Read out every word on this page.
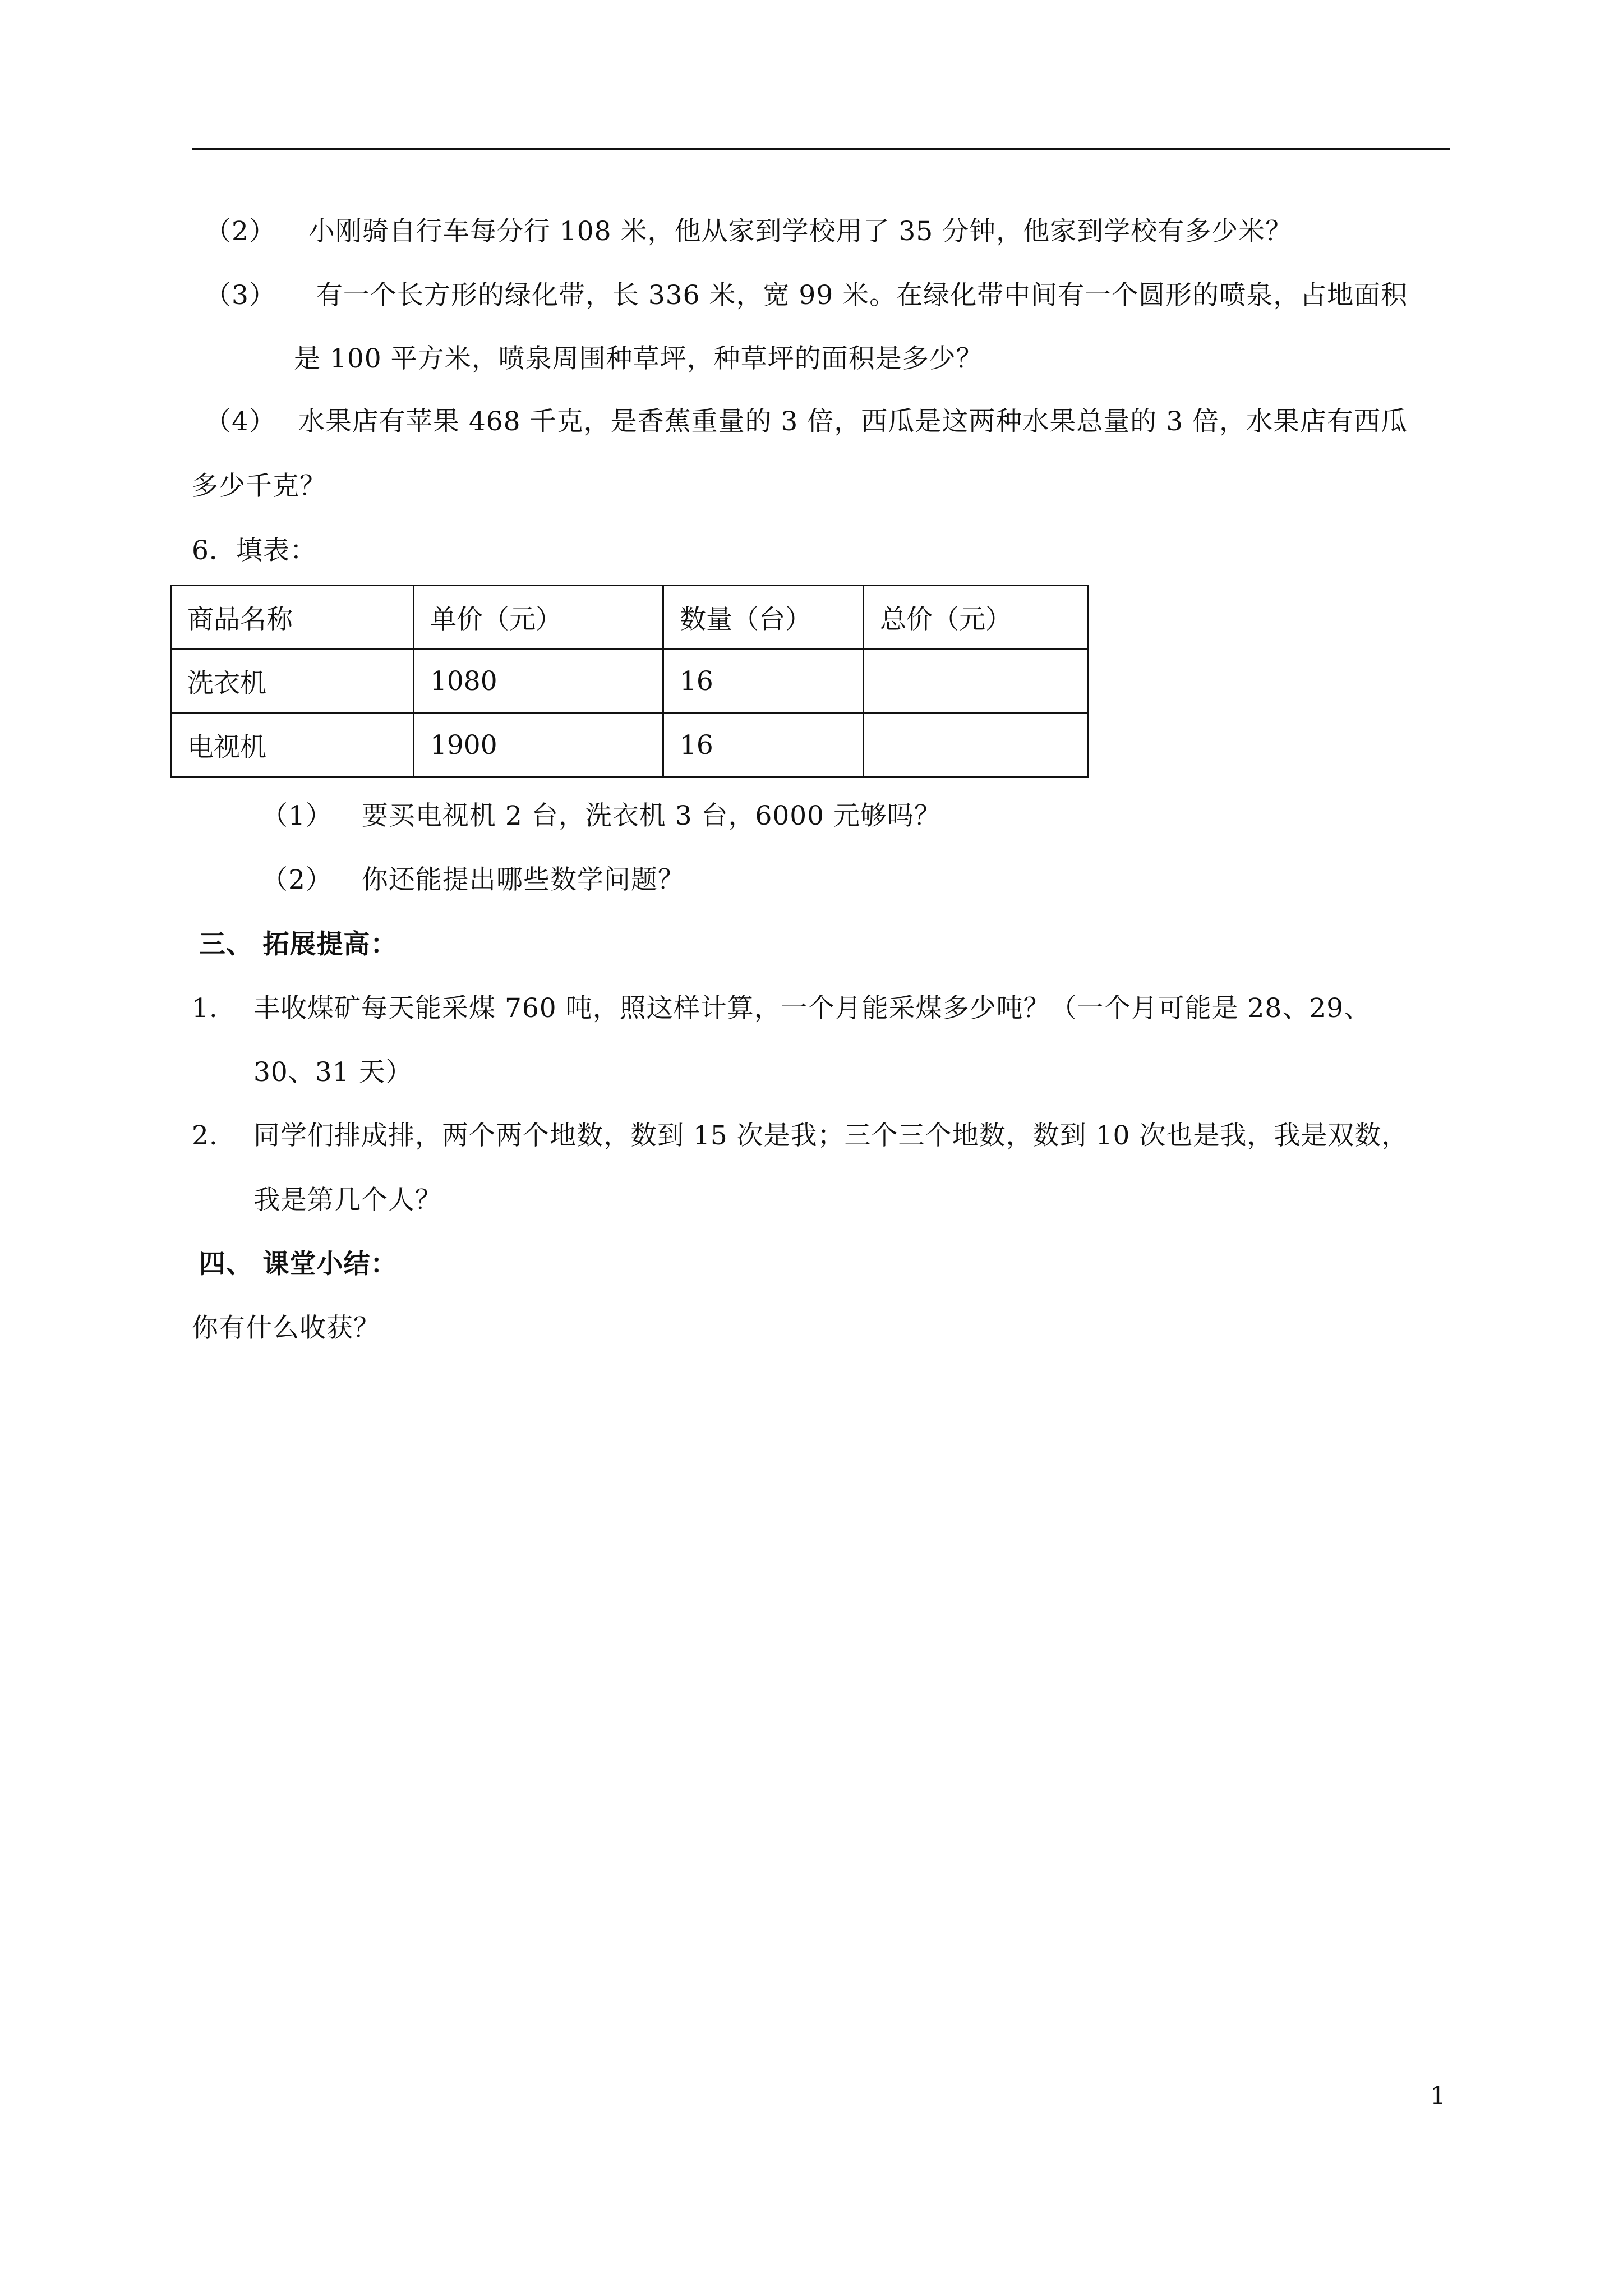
（2） 小刚骑自行车每分行 108 米，他从家到学校用了 35 分钟，他家到学校有多少米？
（3） 有一个长方形的绿化带，长 336 米，宽 99 米。在绿化带中间有一个圆形的喷泉，占地面积
是 100 平方米，喷泉周围种草坪，种草坪的面积是多少？
（4） 水果店有苹果 468 千克，是香蕉重量的 3 倍，西瓜是这两种水果总量的 3 倍，水果店有西瓜
多少千克？
6．填表：
商品名称	单价（元）	数量（台）	总价（元）
洗衣机	1080	16	
电视机	1900	16	
（1） 要买电视机 2 台，洗衣机 3 台，6000 元够吗？
（2） 你还能提出哪些数学问题？
三、 拓展提高：
1. 丰收煤矿每天能采煤 760 吨，照这样计算，一个月能采煤多少吨？（一个月可能是 28、29、
30、31 天）
2. 同学们排成排，两个两个地数，数到 15 次是我；三个三个地数，数到 10 次也是我，我是双数，
我是第几个人？
四、 课堂小结：
你有什么收获？
1
